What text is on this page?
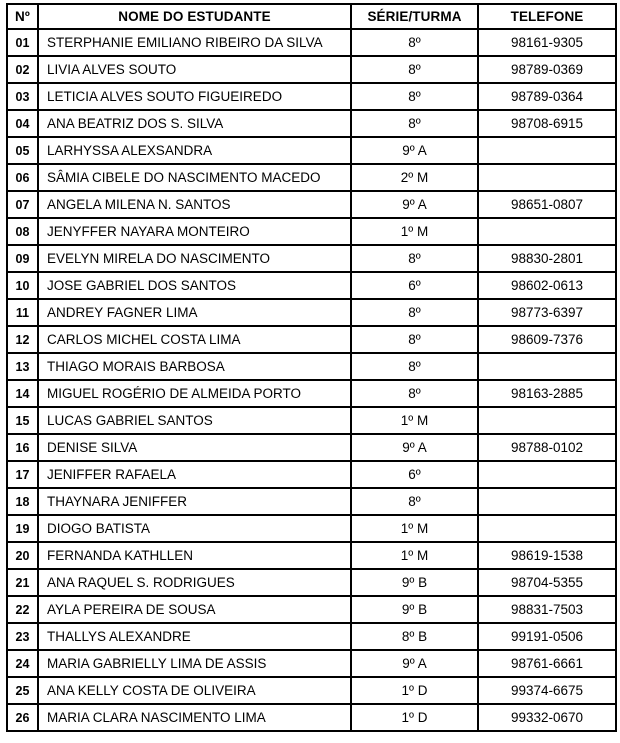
Nº	NOME DO ESTUDANTE	SÉRIE/TURMA	TELEFONE
01	STERPHANIE EMILIANO RIBEIRO DA SILVA	8º	98161-9305
02	LIVIA ALVES SOUTO	8º	98789-0369
03	LETICIA ALVES SOUTO FIGUEIREDO	8º	98789-0364
04	ANA BEATRIZ DOS S. SILVA	8º	98708-6915
05	LARHYSSA ALEXSANDRA	9º A	
06	SÂMIA CIBELE DO NASCIMENTO MACEDO	2º M	
07	ANGELA MILENA N. SANTOS	9º A	98651-0807
08	JENYFFER NAYARA MONTEIRO	1º M	
09	EVELYN MIRELA DO NASCIMENTO	8º	98830-2801
10	JOSE GABRIEL DOS SANTOS	6º	98602-0613
11	ANDREY FAGNER LIMA	8º	98773-6397
12	CARLOS MICHEL COSTA LIMA	8º	98609-7376
13	THIAGO MORAIS BARBOSA	8º	
14	MIGUEL ROGÉRIO DE ALMEIDA PORTO	8º	98163-2885
15	LUCAS GABRIEL SANTOS	1º M	
16	DENISE SILVA	9º A	98788-0102
17	JENIFFER RAFAELA	6º	
18	THAYNARA JENIFFER	8º	
19	DIOGO BATISTA	1º M	
20	FERNANDA KATHLLEN	1º M	98619-1538
21	ANA RAQUEL S. RODRIGUES	9º B	98704-5355
22	AYLA PEREIRA DE SOUSA	9º B	98831-7503
23	THALLYS ALEXANDRE	8º B	99191-0506
24	MARIA GABRIELLY LIMA DE ASSIS	9º A	98761-6661
25	ANA KELLY COSTA DE OLIVEIRA	1º D	99374-6675
26	MARIA CLARA NASCIMENTO LIMA	1º D	99332-0670
